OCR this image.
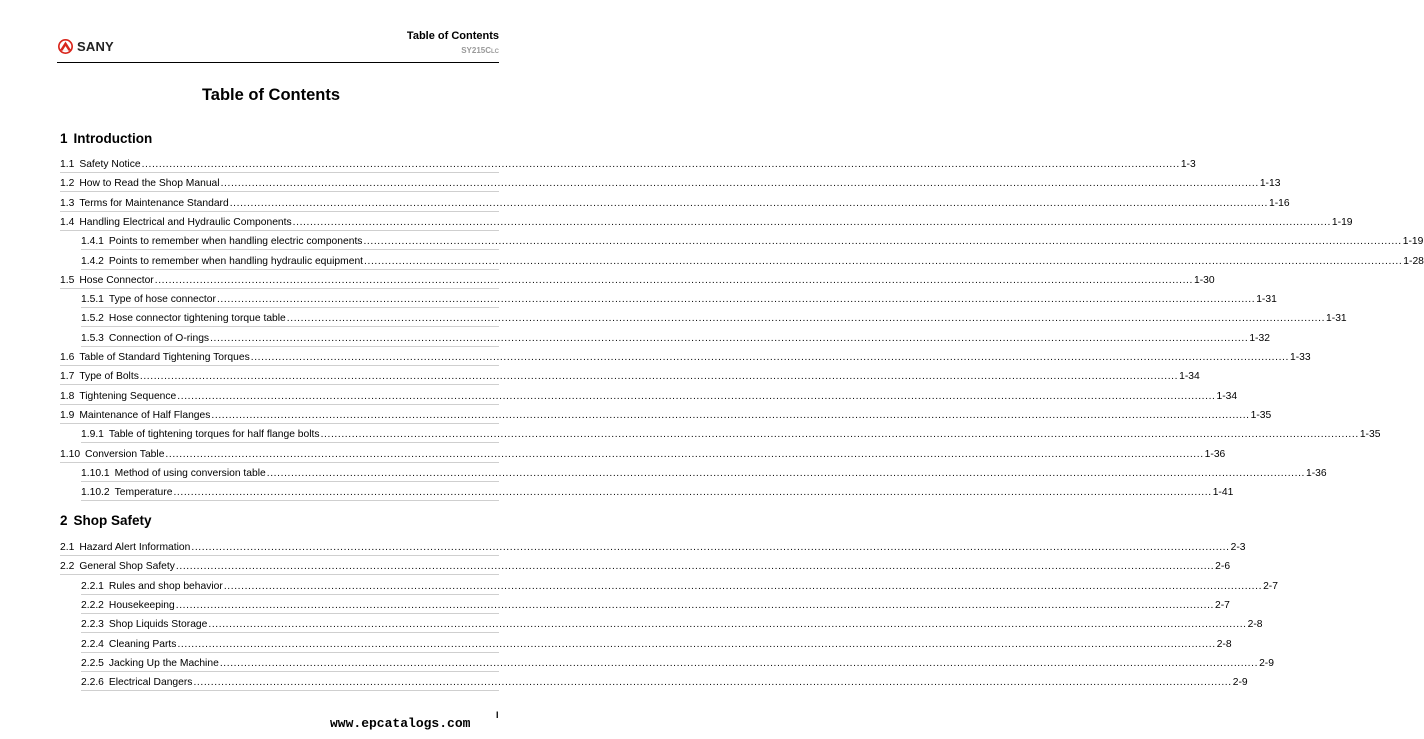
SANY
Table of Contents
SY215CLC
Table of Contents
1 Introduction
1.1 Safety Notice ............................................................................................................................................................................................................................................................................................................ 1-3
1.2 How to Read the Shop Manual ............................................................................................................................................................................................................................................................................................................ 1-13
1.3 Terms for Maintenance Standard ............................................................................................................................................................................................................................................................................................................ 1-16
1.4 Handling Electrical and Hydraulic Components ............................................................................................................................................................................................................................................................................................................ 1-19
1.4.1 Points to remember when handling electric components ............................................................................................................................................................................................................................................................................................................ 1-19
1.4.2 Points to remember when handling hydraulic equipment ............................................................................................................................................................................................................................................................................................................ 1-28
1.5 Hose Connector ............................................................................................................................................................................................................................................................................................................ 1-30
1.5.1 Type of hose connector ............................................................................................................................................................................................................................................................................................................ 1-31
1.5.2 Hose connector tightening torque table ............................................................................................................................................................................................................................................................................................................ 1-31
1.5.3 Connection of O-rings ............................................................................................................................................................................................................................................................................................................ 1-32
1.6 Table of Standard Tightening Torques ............................................................................................................................................................................................................................................................................................................ 1-33
1.7 Type of Bolts ............................................................................................................................................................................................................................................................................................................ 1-34
1.8 Tightening Sequence ............................................................................................................................................................................................................................................................................................................ 1-34
1.9 Maintenance of Half Flanges ............................................................................................................................................................................................................................................................................................................ 1-35
1.9.1 Table of tightening torques for half flange bolts ............................................................................................................................................................................................................................................................................................................ 1-35
1.10 Conversion Table ............................................................................................................................................................................................................................................................................................................ 1-36
1.10.1 Method of using conversion table ............................................................................................................................................................................................................................................................................................................ 1-36
1.10.2 Temperature ............................................................................................................................................................................................................................................................................................................ 1-41
2 Shop Safety
2.1 Hazard Alert Information ............................................................................................................................................................................................................................................................................................................ 2-3
2.2 General Shop Safety ............................................................................................................................................................................................................................................................................................................ 2-6
2.2.1 Rules and shop behavior ............................................................................................................................................................................................................................................................................................................ 2-7
2.2.2 Housekeeping ............................................................................................................................................................................................................................................................................................................ 2-7
2.2.3 Shop Liquids Storage ............................................................................................................................................................................................................................................................................................................ 2-8
2.2.4 Cleaning Parts ............................................................................................................................................................................................................................................................................................................ 2-8
2.2.5 Jacking Up the Machine ............................................................................................................................................................................................................................................................................................................ 2-9
2.2.6 Electrical Dangers ............................................................................................................................................................................................................................................................................................................ 2-9
www.epcatalogs.com
I
